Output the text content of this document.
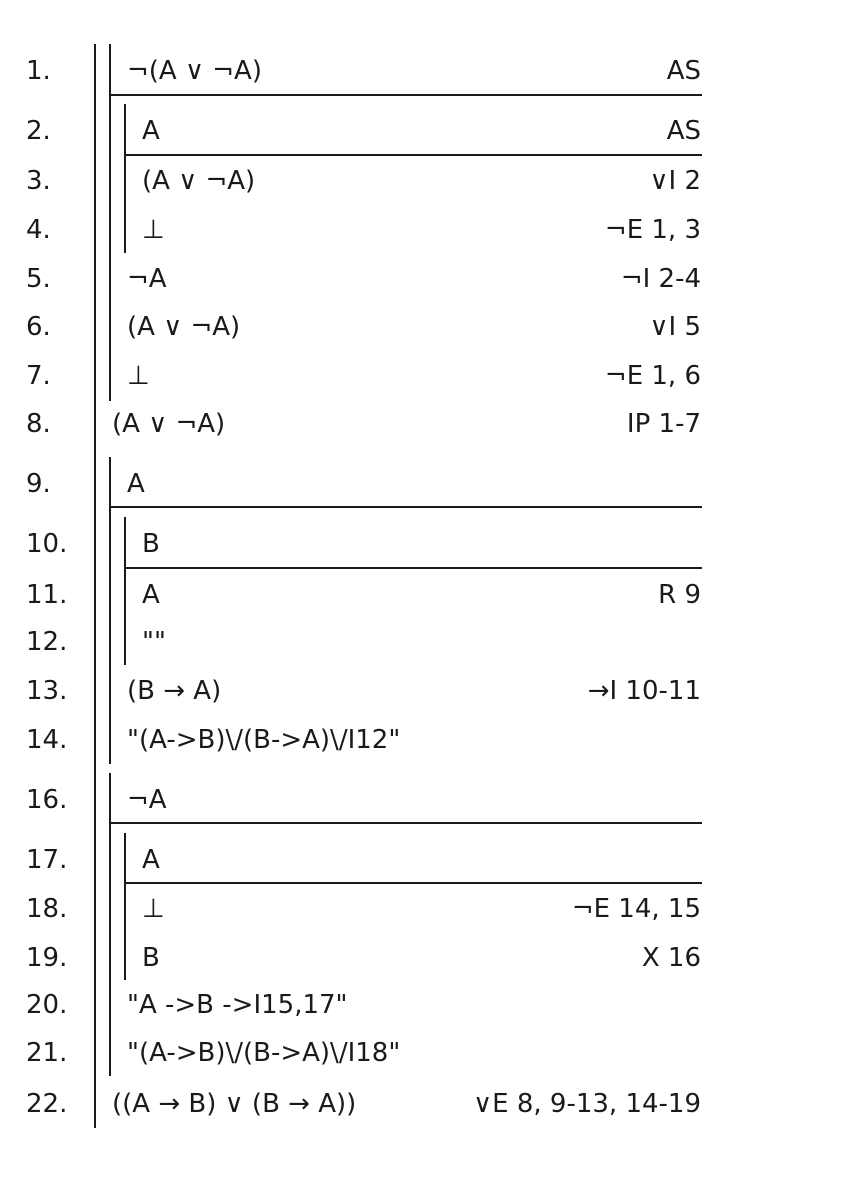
1.	¬(A ∨ ¬A)	AS
2.	A	AS
3.	(A ∨ ¬A)	∨I 2
4.	⊥	¬E 1, 3
5.	¬A	¬I 2-4
6.	(A ∨ ¬A)	∨I 5
7.	⊥	¬E 1, 6
8. (A ∨ ¬A)	IP 1-7
9.	A
10.	B
11.	A	R 9
12.	""
13. (B → A)	→I 10-11
14. "(A->B)\/(B->A)\/I12"
16. ¬A
17.	A
18.	⊥	¬E 14, 15
19.	B	X 16
20. "A ->B ->I15,17"
21. "(A->B)\/(B->A)\/I18"
22. ((A → B) ∨ (B → A))	∨E 8, 9-13, 14-19
